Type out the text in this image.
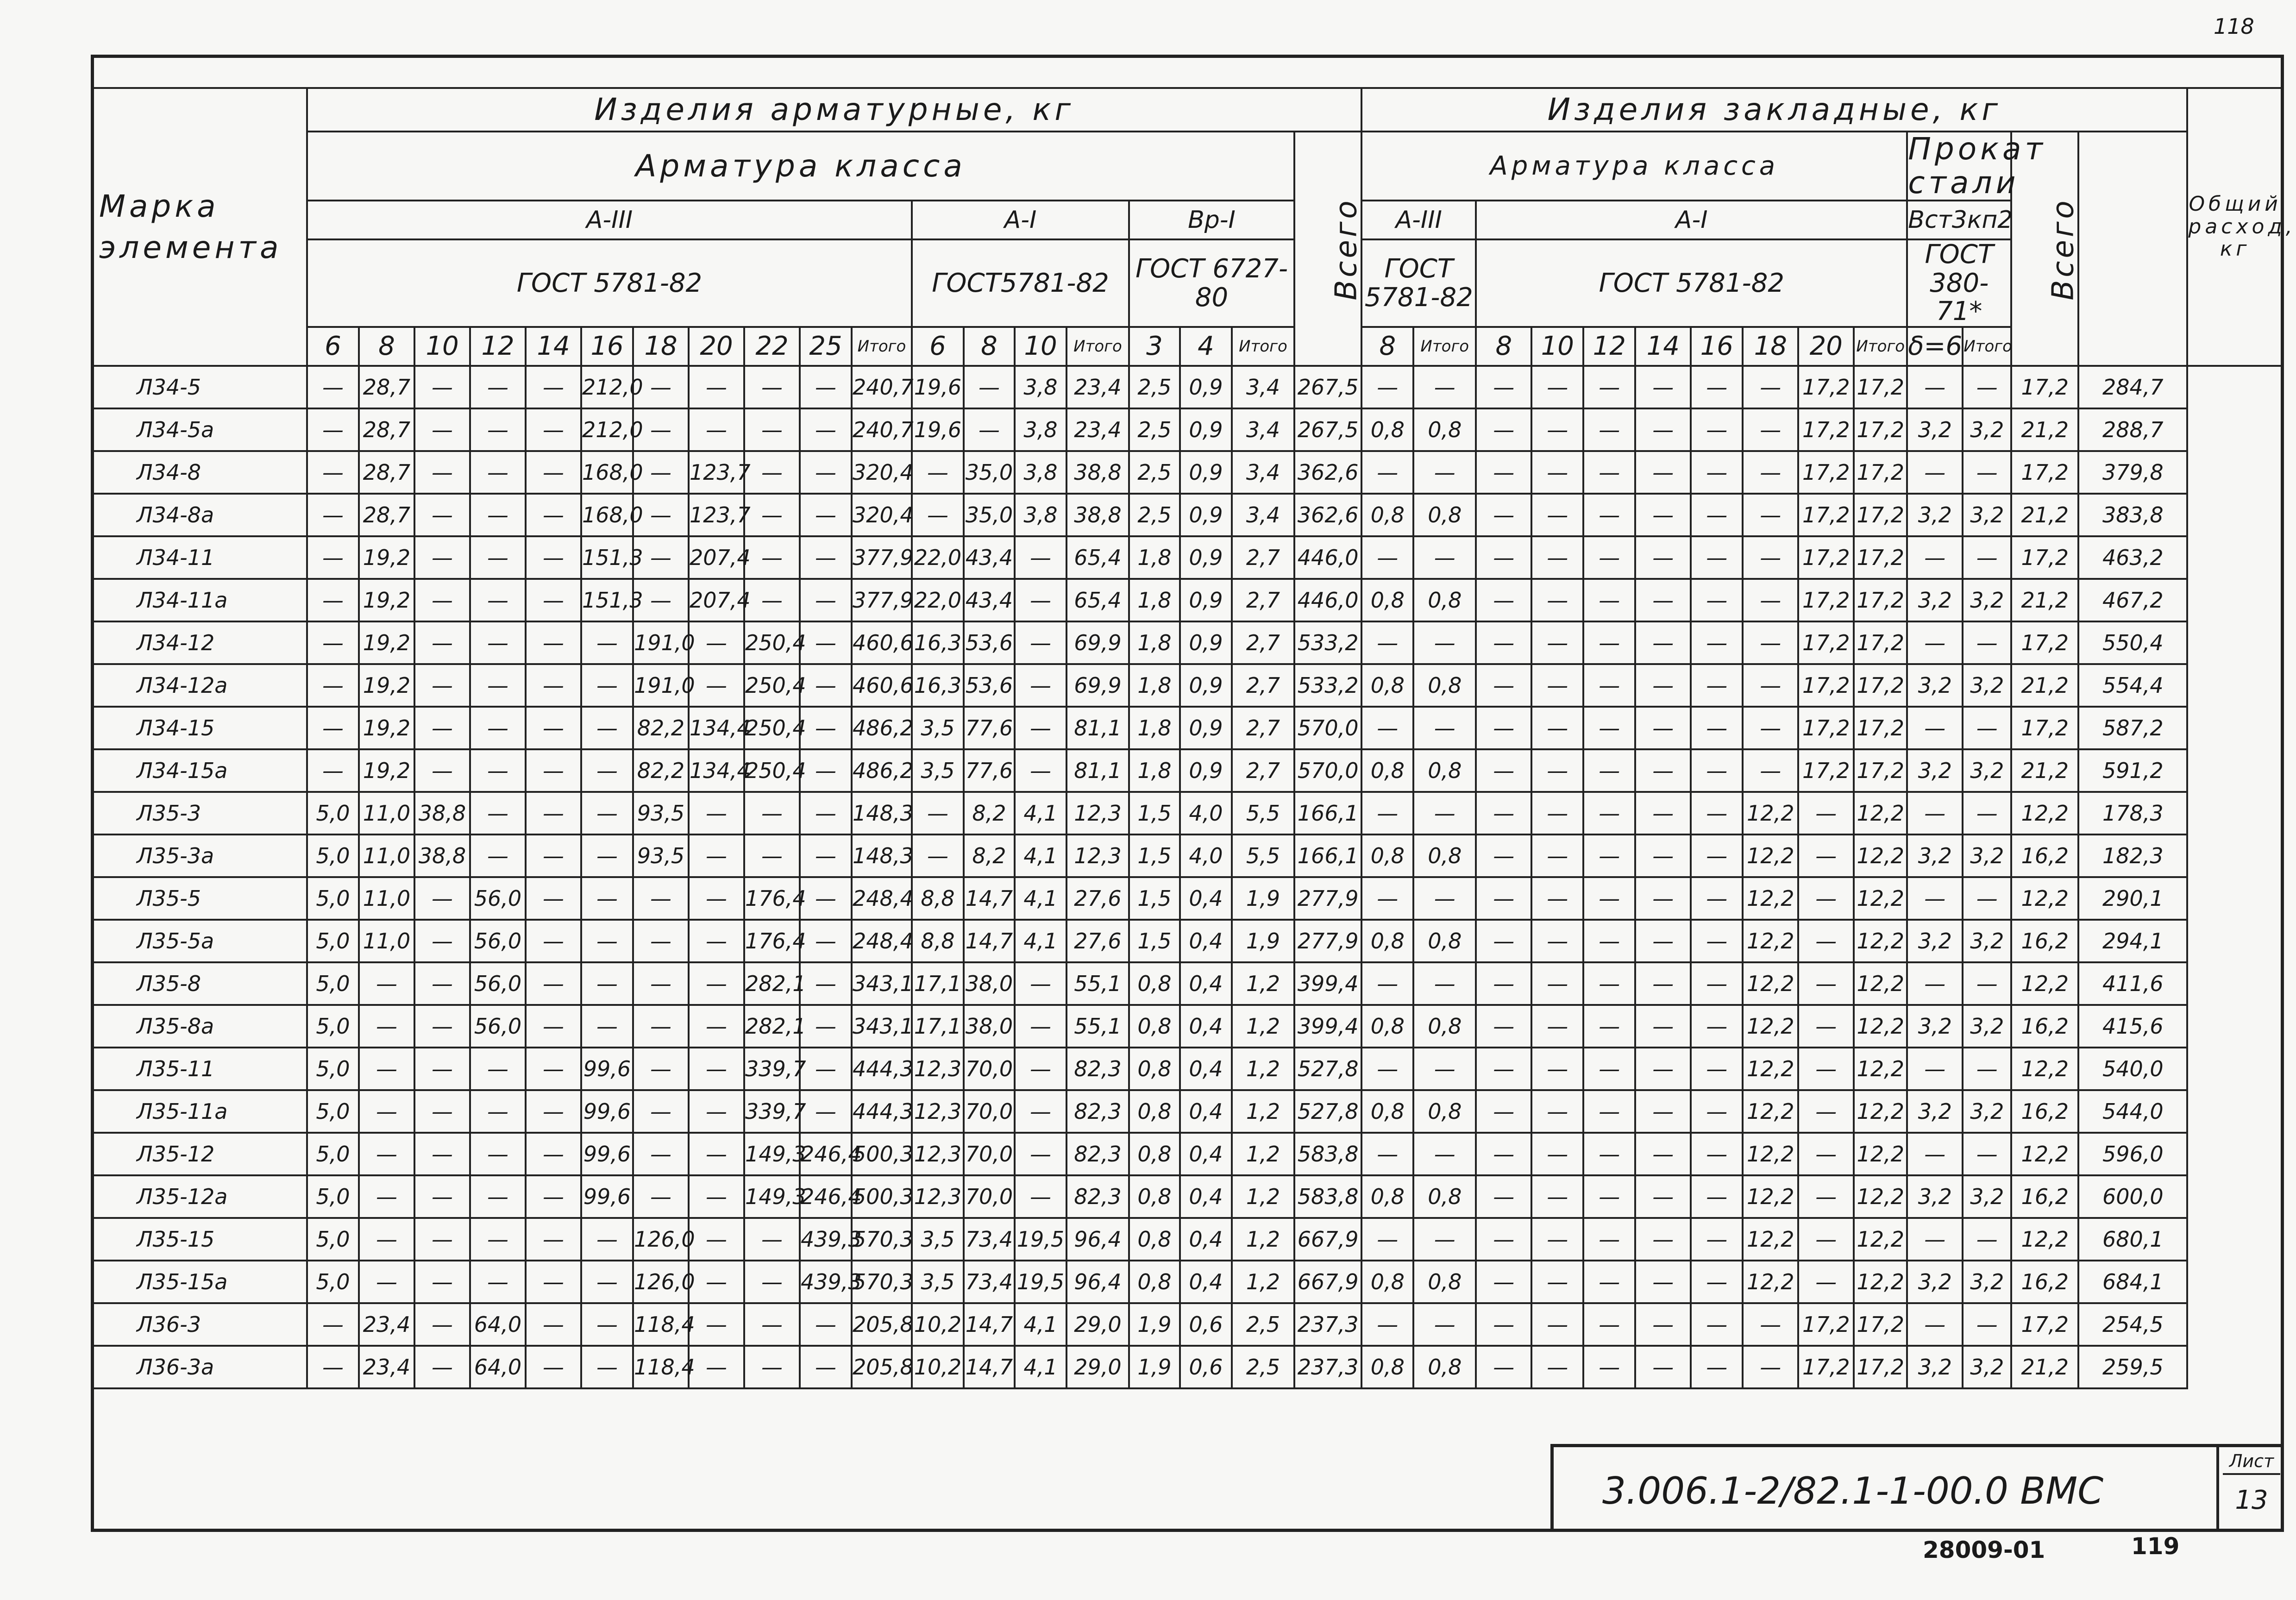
118
Марка элемента	Изделия арматурные, кг																			Изделия закладные, кг														Общий расход, кг
	Арматура класса																		Всего	Арматура класса										Прокат стали		Всего		
	А-III											А-I				Вр-I				А-III		А-I								Вст3кп2				
	ГОСТ 5781-82											ГОСТ5781-82				ГОСТ 6727-80				ГОСТ 5781-82		ГОСТ 5781-82								ГОСТ 380-71*				
	6	8	10	12	14	16	18	20	22	25	Итого	6	8	10	Итого	3	4	Итого		8	Итого	8	10	12	14	16	18	20	Итого	δ=6	Итого			
Л34-5	—	28,7	—	—	—	212,0	—	—	—	—	240,7	19,6	—	3,8	23,4	2,5	0,9	3,4	267,5	—	—	—	—	—	—	—	—	17,2	17,2	—	—	17,2	284,7	
Л34-5а	—	28,7	—	—	—	212,0	—	—	—	—	240,7	19,6	—	3,8	23,4	2,5	0,9	3,4	267,5	0,8	0,8	—	—	—	—	—	—	17,2	17,2	3,2	3,2	21,2	288,7	
Л34-8	—	28,7	—	—	—	168,0	—	123,7	—	—	320,4	—	35,0	3,8	38,8	2,5	0,9	3,4	362,6	—	—	—	—	—	—	—	—	17,2	17,2	—	—	17,2	379,8	
Л34-8а	—	28,7	—	—	—	168,0	—	123,7	—	—	320,4	—	35,0	3,8	38,8	2,5	0,9	3,4	362,6	0,8	0,8	—	—	—	—	—	—	17,2	17,2	3,2	3,2	21,2	383,8	
Л34-11	—	19,2	—	—	—	151,3	—	207,4	—	—	377,9	22,0	43,4	—	65,4	1,8	0,9	2,7	446,0	—	—	—	—	—	—	—	—	17,2	17,2	—	—	17,2	463,2	
Л34-11а	—	19,2	—	—	—	151,3	—	207,4	—	—	377,9	22,0	43,4	—	65,4	1,8	0,9	2,7	446,0	0,8	0,8	—	—	—	—	—	—	17,2	17,2	3,2	3,2	21,2	467,2	
Л34-12	—	19,2	—	—	—	—	191,0	—	250,4	—	460,6	16,3	53,6	—	69,9	1,8	0,9	2,7	533,2	—	—	—	—	—	—	—	—	17,2	17,2	—	—	17,2	550,4	
Л34-12а	—	19,2	—	—	—	—	191,0	—	250,4	—	460,6	16,3	53,6	—	69,9	1,8	0,9	2,7	533,2	0,8	0,8	—	—	—	—	—	—	17,2	17,2	3,2	3,2	21,2	554,4	
Л34-15	—	19,2	—	—	—	—	82,2	134,4	250,4	—	486,2	3,5	77,6	—	81,1	1,8	0,9	2,7	570,0	—	—	—	—	—	—	—	—	17,2	17,2	—	—	17,2	587,2	
Л34-15а	—	19,2	—	—	—	—	82,2	134,4	250,4	—	486,2	3,5	77,6	—	81,1	1,8	0,9	2,7	570,0	0,8	0,8	—	—	—	—	—	—	17,2	17,2	3,2	3,2	21,2	591,2	
Л35-3	5,0	11,0	38,8	—	—	—	93,5	—	—	—	148,3	—	8,2	4,1	12,3	1,5	4,0	5,5	166,1	—	—	—	—	—	—	—	12,2	—	12,2	—	—	12,2	178,3	
Л35-3а	5,0	11,0	38,8	—	—	—	93,5	—	—	—	148,3	—	8,2	4,1	12,3	1,5	4,0	5,5	166,1	0,8	0,8	—	—	—	—	—	12,2	—	12,2	3,2	3,2	16,2	182,3	
Л35-5	5,0	11,0	—	56,0	—	—	—	—	176,4	—	248,4	8,8	14,7	4,1	27,6	1,5	0,4	1,9	277,9	—	—	—	—	—	—	—	12,2	—	12,2	—	—	12,2	290,1	
Л35-5а	5,0	11,0	—	56,0	—	—	—	—	176,4	—	248,4	8,8	14,7	4,1	27,6	1,5	0,4	1,9	277,9	0,8	0,8	—	—	—	—	—	12,2	—	12,2	3,2	3,2	16,2	294,1	
Л35-8	5,0	—	—	56,0	—	—	—	—	282,1	—	343,1	17,1	38,0	—	55,1	0,8	0,4	1,2	399,4	—	—	—	—	—	—	—	12,2	—	12,2	—	—	12,2	411,6	
Л35-8а	5,0	—	—	56,0	—	—	—	—	282,1	—	343,1	17,1	38,0	—	55,1	0,8	0,4	1,2	399,4	0,8	0,8	—	—	—	—	—	12,2	—	12,2	3,2	3,2	16,2	415,6	
Л35-11	5,0	—	—	—	—	99,6	—	—	339,7	—	444,3	12,3	70,0	—	82,3	0,8	0,4	1,2	527,8	—	—	—	—	—	—	—	12,2	—	12,2	—	—	12,2	540,0	
Л35-11а	5,0	—	—	—	—	99,6	—	—	339,7	—	444,3	12,3	70,0	—	82,3	0,8	0,4	1,2	527,8	0,8	0,8	—	—	—	—	—	12,2	—	12,2	3,2	3,2	16,2	544,0	
Л35-12	5,0	—	—	—	—	99,6	—	—	149,3	246,4	500,3	12,3	70,0	—	82,3	0,8	0,4	1,2	583,8	—	—	—	—	—	—	—	12,2	—	12,2	—	—	12,2	596,0	
Л35-12а	5,0	—	—	—	—	99,6	—	—	149,3	246,4	500,3	12,3	70,0	—	82,3	0,8	0,4	1,2	583,8	0,8	0,8	—	—	—	—	—	12,2	—	12,2	3,2	3,2	16,2	600,0	
Л35-15	5,0	—	—	—	—	—	126,0	—	—	439,3	570,3	3,5	73,4	19,5	96,4	0,8	0,4	1,2	667,9	—	—	—	—	—	—	—	12,2	—	12,2	—	—	12,2	680,1	
Л35-15а	5,0	—	—	—	—	—	126,0	—	—	439,3	570,3	3,5	73,4	19,5	96,4	0,8	0,4	1,2	667,9	0,8	0,8	—	—	—	—	—	12,2	—	12,2	3,2	3,2	16,2	684,1	
Л36-3	—	23,4	—	64,0	—	—	118,4	—	—	—	205,8	10,2	14,7	4,1	29,0	1,9	0,6	2,5	237,3	—	—	—	—	—	—	—	—	17,2	17,2	—	—	17,2	254,5	
Л36-3а	—	23,4	—	64,0	—	—	118,4	—	—	—	205,8	10,2	14,7	4,1	29,0	1,9	0,6	2,5	237,3	0,8	0,8	—	—	—	—	—	—	17,2	17,2	3,2	3,2	21,2	259,5	
3.006.1-2/82.1-1-00.0 ВМС
Лист
13
28009-01	119
